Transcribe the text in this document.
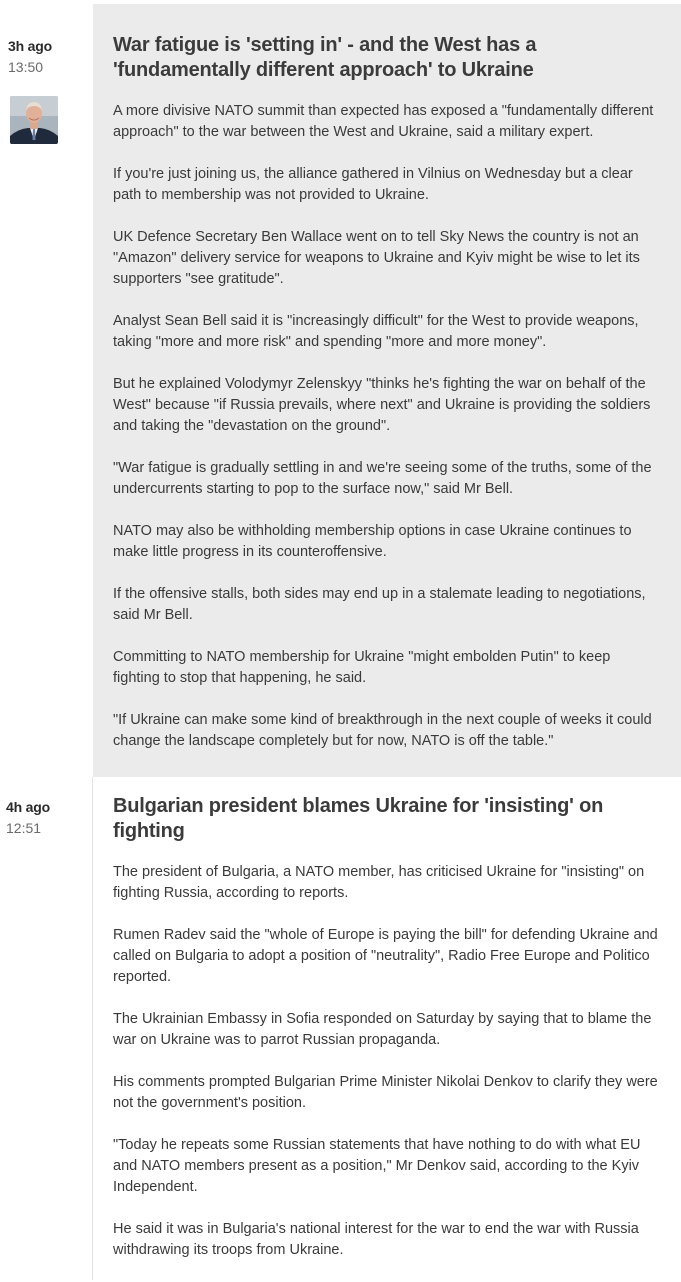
3h ago
13:50
War fatigue is 'setting in' - and the West has a 'fundamentally different approach' to Ukraine

A more divisive NATO summit than expected has exposed a "fundamentally different approach" to the war between the West and Ukraine, said a military expert.

If you're just joining us, the alliance gathered in Vilnius on Wednesday but a clear path to membership was not provided to Ukraine.

UK Defence Secretary Ben Wallace went on to tell Sky News the country is not an "Amazon" delivery service for weapons to Ukraine and Kyiv might be wise to let its supporters "see gratitude".

Analyst Sean Bell said it is "increasingly difficult" for the West to provide weapons, taking "more and more risk" and spending "more and more money".

But he explained Volodymyr Zelenskyy "thinks he's fighting the war on behalf of the West" because "if Russia prevails, where next" and Ukraine is providing the soldiers and taking the "devastation on the ground".

"War fatigue is gradually settling in and we're seeing some of the truths, some of the undercurrents starting to pop to the surface now," said Mr Bell.

NATO may also be withholding membership options in case Ukraine continues to make little progress in its counteroffensive.

If the offensive stalls, both sides may end up in a stalemate leading to negotiations, said Mr Bell.

Committing to NATO membership for Ukraine "might embolden Putin" to keep fighting to stop that happening, he said.

"If Ukraine can make some kind of breakthrough in the next couple of weeks it could change the landscape completely but for now, NATO is off the table."

4h ago
12:51
Bulgarian president blames Ukraine for 'insisting' on fighting

The president of Bulgaria, a NATO member, has criticised Ukraine for "insisting" on fighting Russia, according to reports.

Rumen Radev said the "whole of Europe is paying the bill" for defending Ukraine and called on Bulgaria to adopt a position of "neutrality", Radio Free Europe and Politico reported.

The Ukrainian Embassy in Sofia responded on Saturday by saying that to blame the war on Ukraine was to parrot Russian propaganda.

His comments prompted Bulgarian Prime Minister Nikolai Denkov to clarify they were not the government's position.

"Today he repeats some Russian statements that have nothing to do with what EU and NATO members present as a position," Mr Denkov said, according to the Kyiv Independent.

He said it was in Bulgaria's national interest for the war to end the war with Russia withdrawing its troops from Ukraine.
